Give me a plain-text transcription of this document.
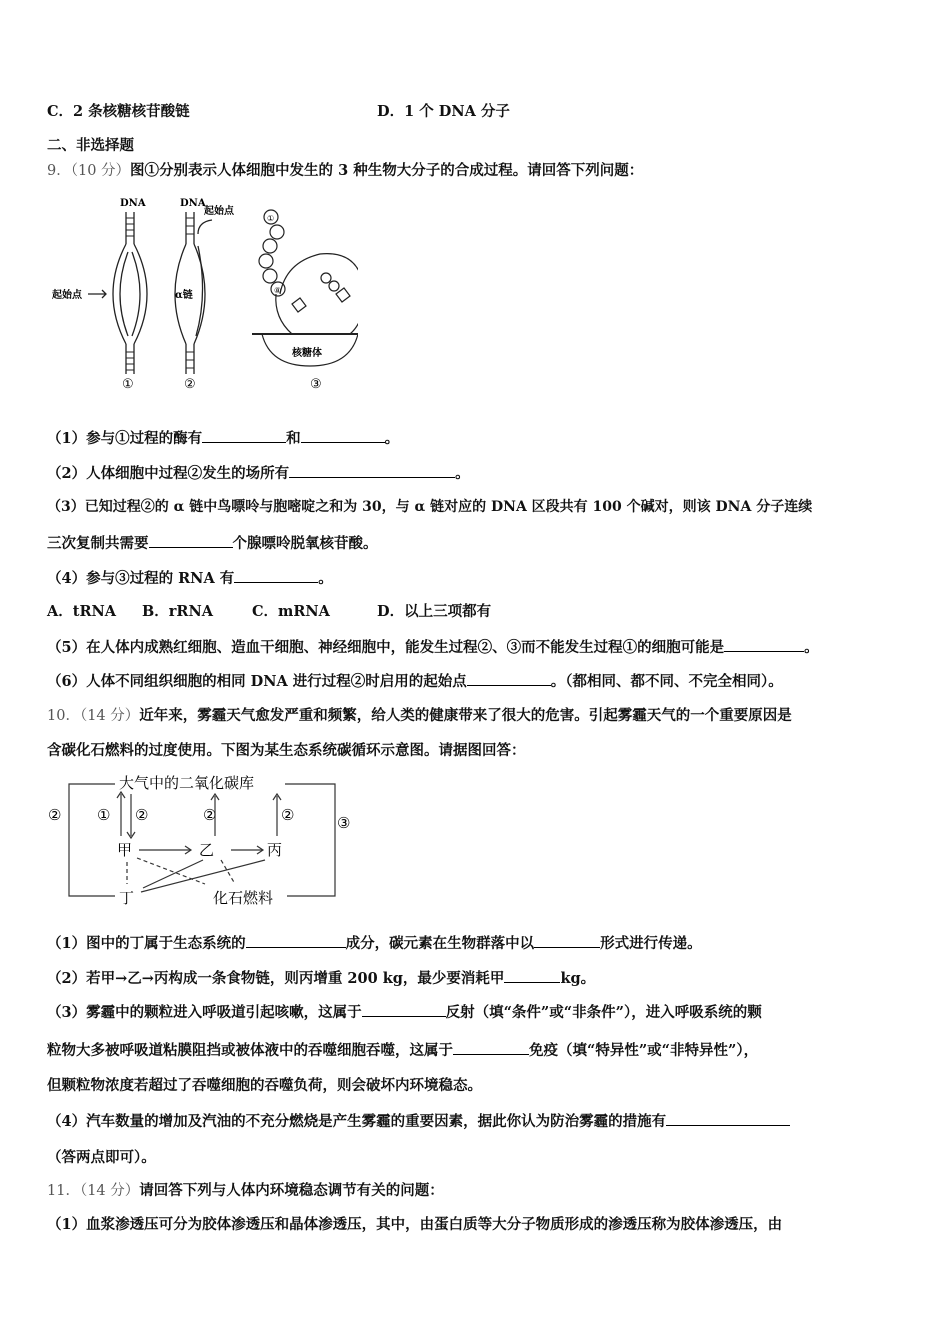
C．2 条核糖核苷酸链	D．1 个 DNA 分子
二、非选择题
9．（10 分）图①分别表示人体细胞中发生的 3 种生物大分子的合成过程。请回答下列问题：
DNA
起始点
①
DNA
起始点
α链
②
①
⑧
核糖体
③
（1）参与①过程的酶有	和	。
（2）人体细胞中过程②发生的场所有	。
（3）已知过程②的 α 链中鸟嘌呤与胞嘧啶之和为 30，与 α 链对应的 DNA 区段共有 100 个碱对，则该 DNA 分子连续
三次复制共需要	个腺嘌呤脱氧核苷酸。
（4）参与③过程的 RNA 有	。
A．tRNA B．rRNA	C．mRNA	D．以上三项都有
（5）在人体内成熟红细胞、造血干细胞、神经细胞中，能发生过程②、③而不能发生过程①的细胞可能是	。
（6）人体不同组织细胞的相同 DNA 进行过程②时启用的起始点	。（都相同、都不同、不完全相同）。
10．（14 分）近年来，雾霾天气愈发严重和频繁，给人类的健康带来了很大的危害。引起雾霾天气的一个重要原因是
含碳化石燃料的过度使用。下图为某生态系统碳循环示意图。请据图回答：
大气中的二氧化碳库
甲	乙	丙
丁	化石燃料
② ① ②	②	②	③
（1）图中的丁属于生态系统的	成分，碳元素在生物群落中以	形式进行传递。
（2）若甲→乙→丙构成一条食物链，则丙增重 200 kg，最少要消耗甲	kg。
（3）雾霾中的颗粒进入呼吸道引起咳嗽，这属于	反射（填“条件”或“非条件”），进入呼吸系统的颗
粒物大多被呼吸道粘膜阻挡或被体液中的吞噬细胞吞噬，这属于	免疫（填“特异性”或“非特异性”），
但颗粒物浓度若超过了吞噬细胞的吞噬负荷，则会破坏内环境稳态。
（4）汽车数量的增加及汽油的不充分燃烧是产生雾霾的重要因素，据此你认为防治雾霾的措施有
（答两点即可）。
11．（14 分）请回答下列与人体内环境稳态调节有关的问题：
（1）血浆渗透压可分为胶体渗透压和晶体渗透压，其中，由蛋白质等大分子物质形成的渗透压称为胶体渗透压，由
